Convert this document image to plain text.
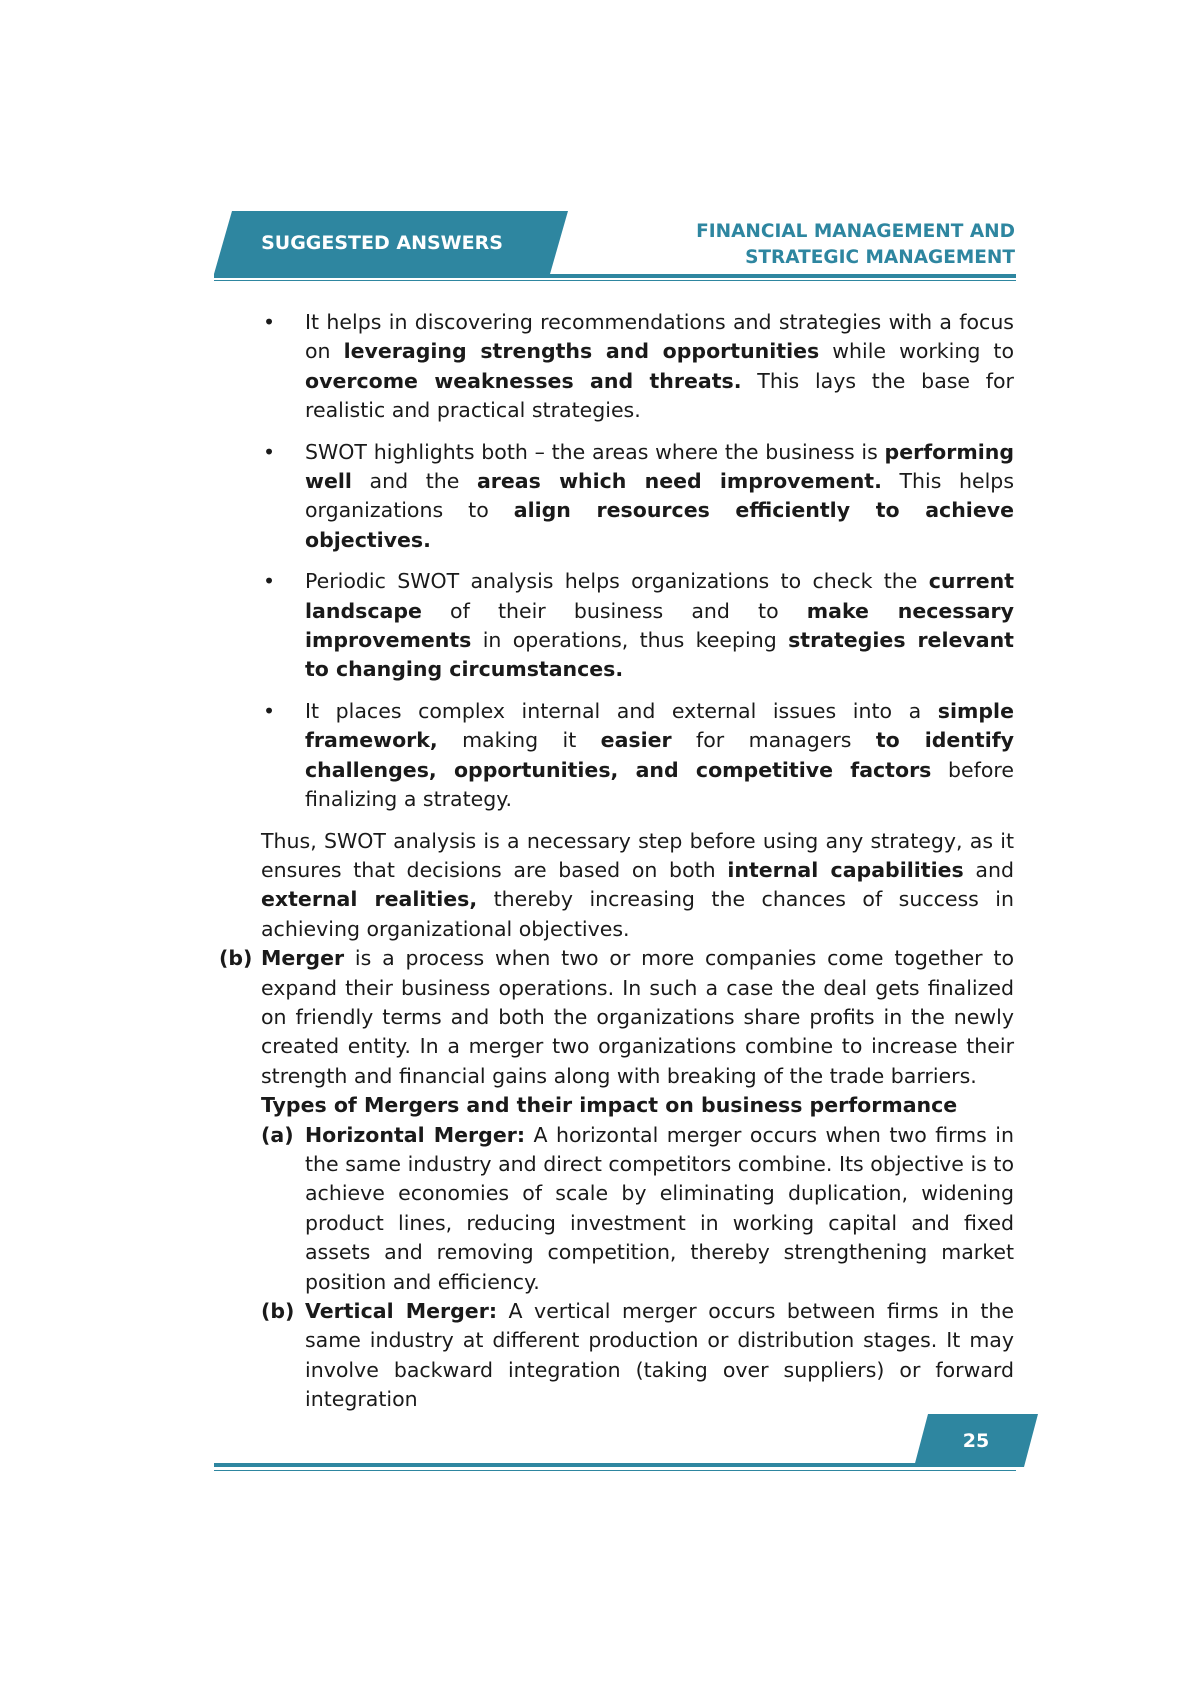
SUGGESTED ANSWERS	FINANCIAL MANAGEMENT AND
STRATEGIC MANAGEMENT
• It helps in discovering recommendations and strategies with a focus on leveraging strengths and opportunities while working to overcome weaknesses and threats. This lays the base for realistic and practical strategies.
• SWOT highlights both – the areas where the business is performing well and the areas which need improvement. This helps organizations to align resources efficiently to achieve objectives.
• Periodic SWOT analysis helps organizations to check the current landscape of their business and to make necessary improvements in operations, thus keeping strategies relevant to changing circumstances.
• It places complex internal and external issues into a simple framework, making it easier for managers to identify challenges, opportunities, and competitive factors before finalizing a strategy.

Thus, SWOT analysis is a necessary step before using any strategy, as it ensures that decisions are based on both internal capabilities and external realities, thereby increasing the chances of success in achieving organizational objectives.

(b) Merger is a process when two or more companies come together to expand their business operations. In such a case the deal gets finalized on friendly terms and both the organizations share profits in the newly created entity. In a merger two organizations combine to increase their strength and financial gains along with breaking of the trade barriers.

Types of Mergers and their impact on business performance

(a) Horizontal Merger: A horizontal merger occurs when two firms in the same industry and direct competitors combine. Its objective is to achieve economies of scale by eliminating duplication, widening product lines, reducing investment in working capital and fixed assets and removing competition, thereby strengthening market position and efficiency.

(b) Vertical Merger: A vertical merger occurs between firms in the same industry at different production or distribution stages. It may involve backward integration (taking over suppliers) or forward integration

25
